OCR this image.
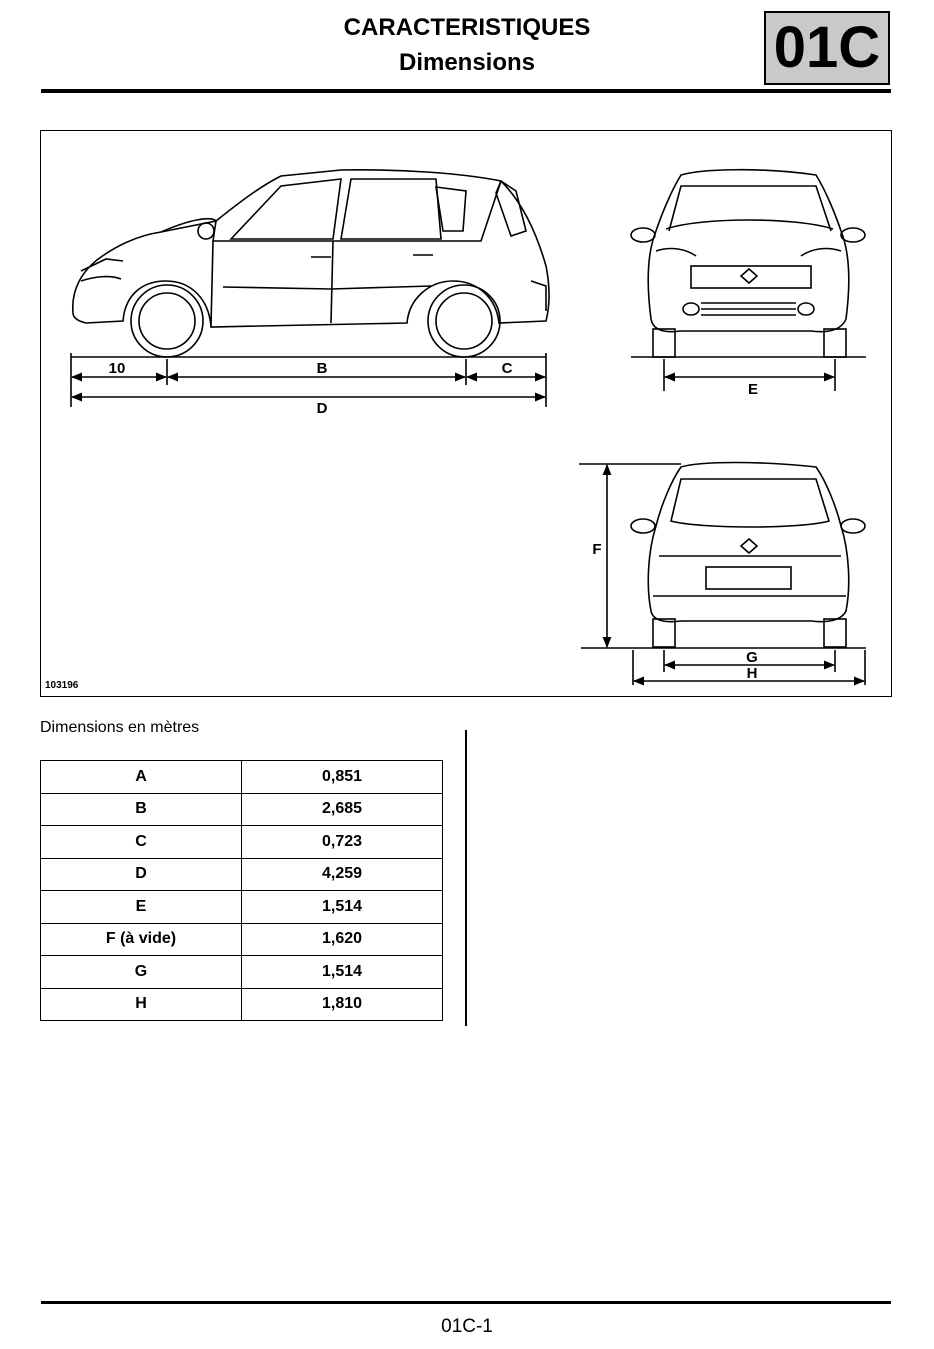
CARACTERISTIQUES
Dimensions	01C
10	B	C
D
E
F
G
H
103196
Dimensions en mètres
A	0,851
B	2,685
C	0,723
D	4,259
E	1,514
F (à vide)	1,620
G	1,514
H	1,810
01C-1
